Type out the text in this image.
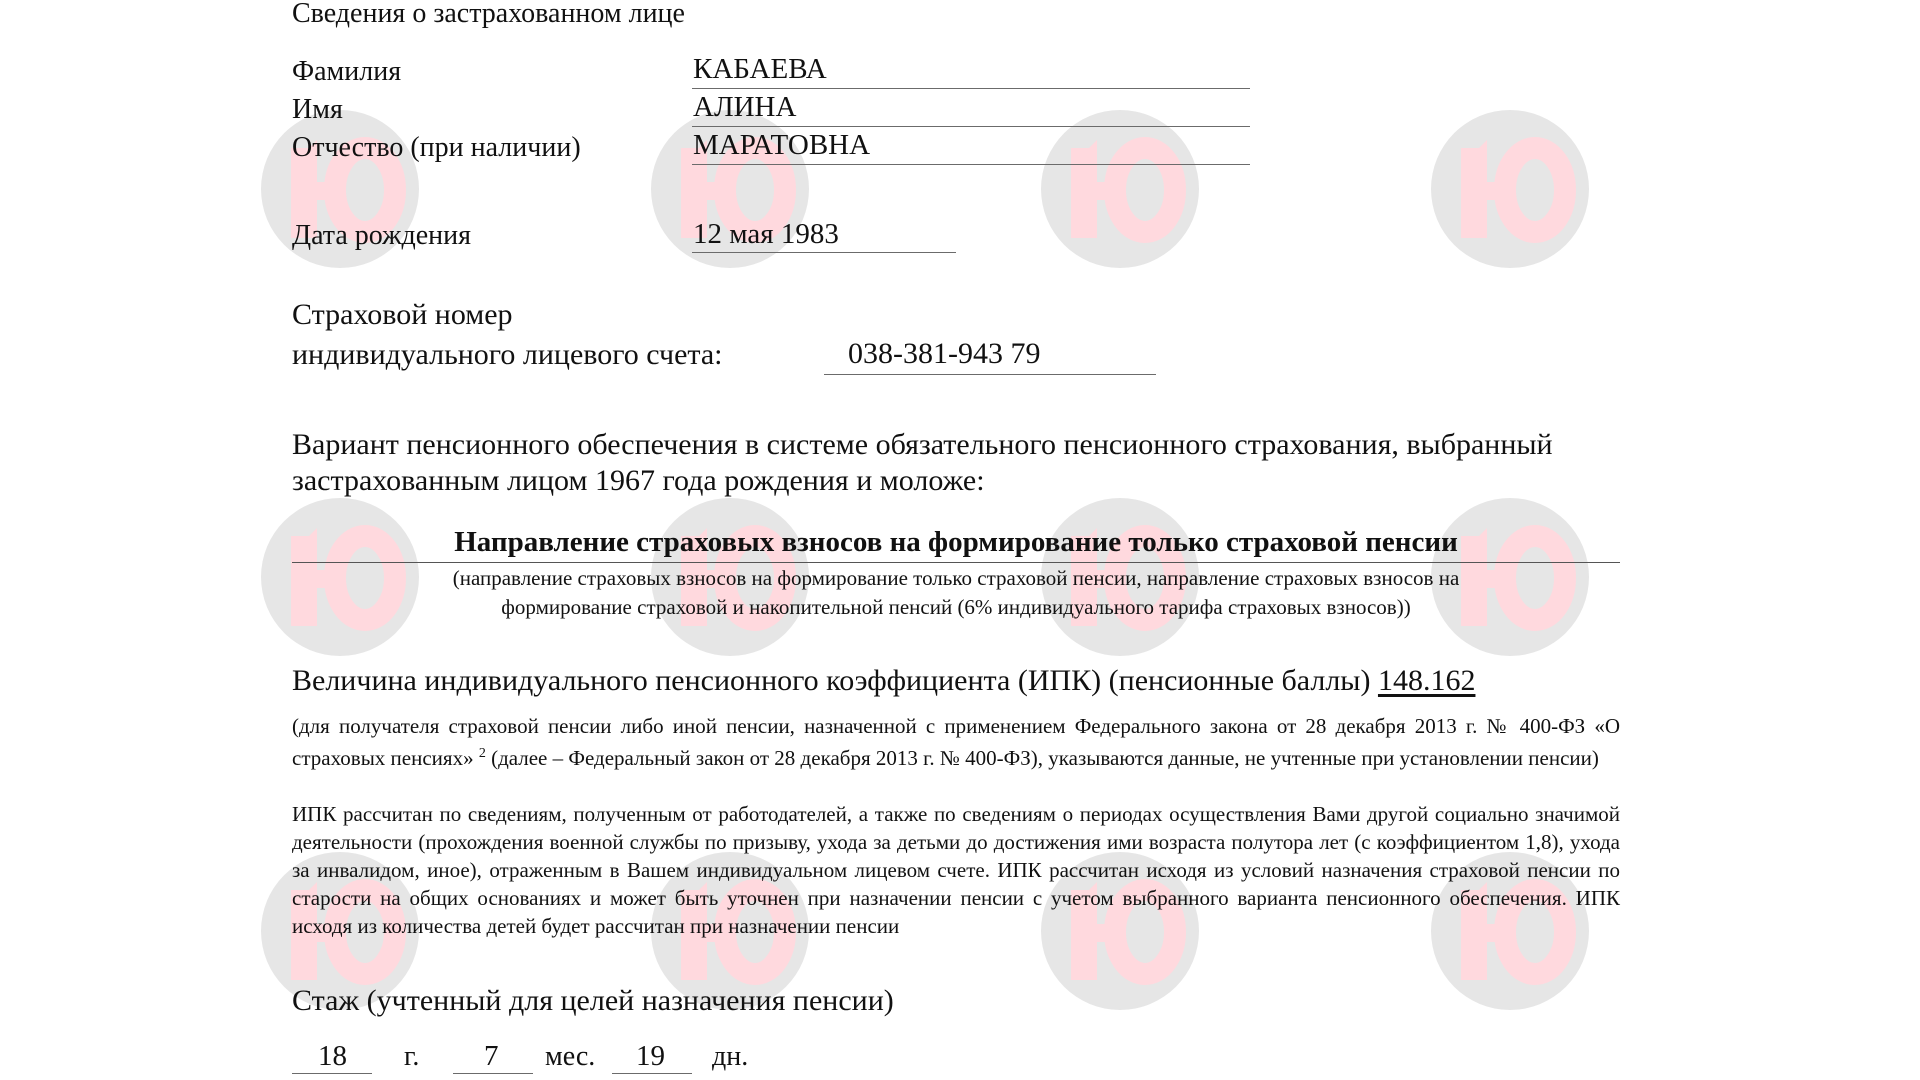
Сведения о застрахованном лице
Фамилия	КАБАЕВА
Имя	АЛИНА
Отчество (при наличии)	МАРАТОВНА
Дата рождения	12 мая 1983
Страховой номер
индивидуального лицевого счета:	038-381-943 79
Вариант пенсионного обеспечения в системе обязательного пенсионного страхования, выбранный
застрахованным лицом 1967 года рождения и моложе:
Направление страховых взносов на формирование только страховой пенсии
(направление страховых взносов на формирование только страховой пенсии, направление страховых взносов на
формирование страховой и накопительной пенсий (6% индивидуального тарифа страховых взносов))
Величина индивидуального пенсионного коэффициента (ИПК) (пенсионные баллы) 148.162
(для получателя страховой пенсии либо иной пенсии, назначенной с применением Федерального закона от 28 декабря 2013 г. № 400-ФЗ «О страховых пенсиях» $^2$ (далее – Федеральный закон от 28 декабря 2013 г. № 400-ФЗ), указываются данные, не учтенные при установлении пенсии)
ИПК рассчитан по сведениям, полученным от работодателей, а также по сведениям о периодах осуществления Вами другой социально значимой деятельности (прохождения военной службы по призыву, ухода за детьми до достижения ими возраста полутора лет (с коэффициентом 1,8), ухода за инвалидом, иное), отраженным в Вашем индивидуальном лицевом счете. ИПК рассчитан исходя из условий назначения страховой пенсии по старости на общих основаниях и может быть уточнен при назначении пенсии с учетом выбранного варианта пенсионного обеспечения. ИПК исходя из количества детей будет рассчитан при назначении пенсии
Стаж (учтенный для целей назначения пенсии)
18 г. 7 мес. 19 дн.
